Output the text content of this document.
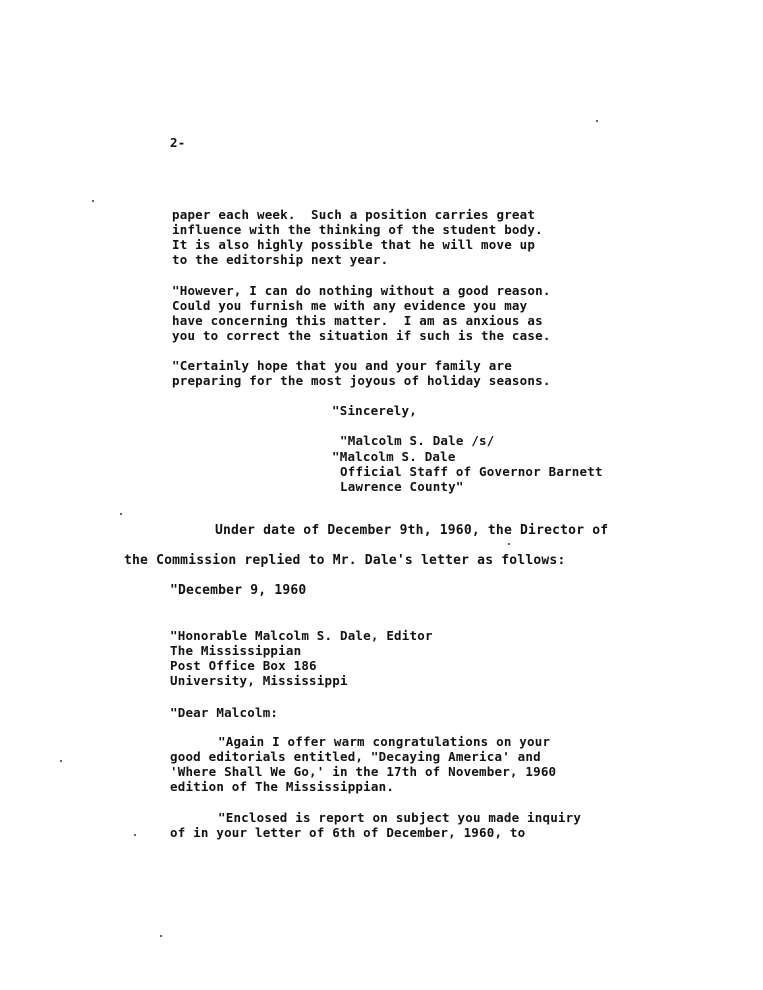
2-
paper each week.  Such a position carries great
influence with the thinking of the student body.
It is also highly possible that he will move up
to the editorship next year.
"However, I can do nothing without a good reason.
Could you furnish me with any evidence you may
have concerning this matter.  I am as anxious as
you to correct the situation if such is the case.
"Certainly hope that you and your family are
preparing for the most joyous of holiday seasons.
"Sincerely,
"Malcolm S. Dale /s/
"Malcolm S. Dale
Official Staff of Governor Barnett
Lawrence County"
Under date of December 9th, 1960, the Director of
the Commission replied to Mr. Dale's letter as follows:
"December 9, 1960
"Honorable Malcolm S. Dale, Editor
The Mississippian
Post Office Box 186
University, Mississippi
"Dear Malcolm:
"Again I offer warm congratulations on your
good editorials entitled, "Decaying America' and
'Where Shall We Go,' in the 17th of November, 1960
edition of The Mississippian.
"Enclosed is report on subject you made inquiry
of in your letter of 6th of December, 1960, to
